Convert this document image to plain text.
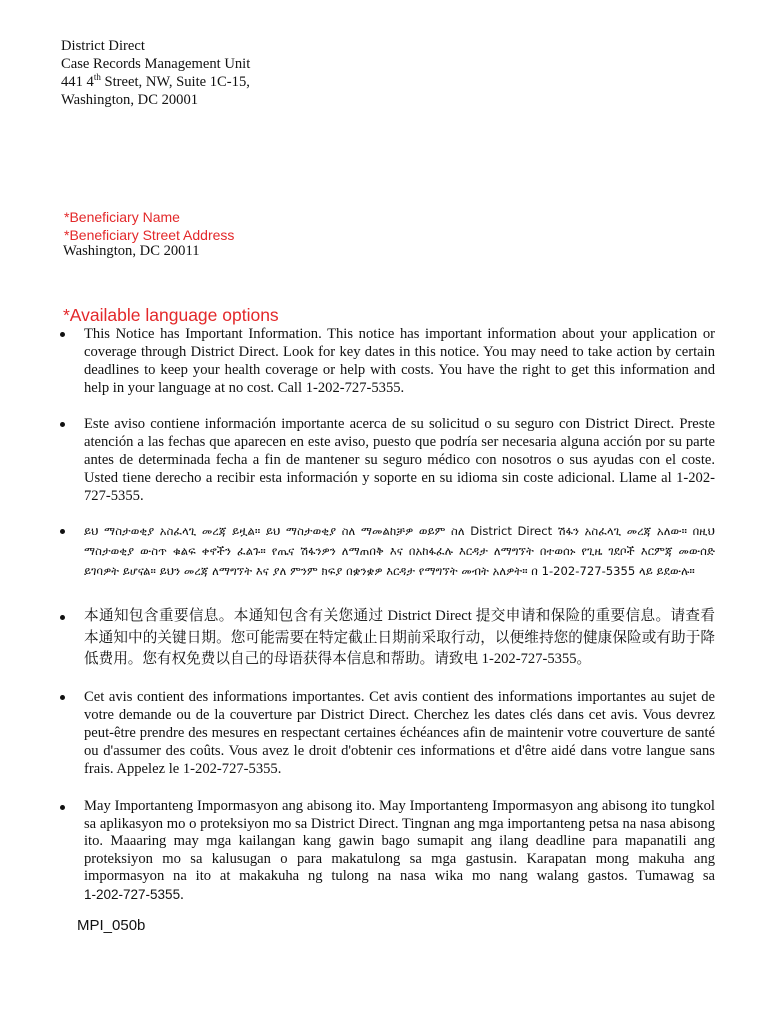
District Direct
Case Records Management Unit
441 4th Street, NW, Suite 1C-15,
Washington, DC 20001
*Beneficiary Name
*Beneficiary Street Address
Washington, DC 20011
*Available language options
This Notice has Important Information. This notice has important information about your application or coverage through District Direct. Look for key dates in this notice. You may need to take action by certain deadlines to keep your health coverage or help with costs. You have the right to get this information and help in your language at no cost. Call 1-202-727-5355.
Este aviso contiene información importante acerca de su solicitud o su seguro con District Direct. Preste atención a las fechas que aparecen en este aviso, puesto que podría ser necesaria alguna acción por su parte antes de determinada fecha a fin de mantener su seguro médico con nosotros o sus ayudas con el coste. Usted tiene derecho a recibir esta información y soporte en su idioma sin coste adicional. Llame al 1-202-727-5355.
ይህ ማስታወቂያ አስፈላጊ መረጃ ይዟል። ይህ ማስታወቂያ ስለ ማመልከቻዎ ወይም ስለ District Direct ሽፋን አስፈላጊ መረጃ አለው። በዚህ ማስታወቂያ ውስጥ ቁልፍ ቀኖችን ፈልጉ። የጤና ሽፋንዎን ለማጠበቅ እና በአከፋፈሉ እርዳታ ለማግኘት በተወሰኑ የጊዜ ገደቦች እርምጃ መውሰድ ይገባዎት ይሆናል። ይህን መረጃ ለማግኘት እና ያለ ምንም ክፍያ በቋንቋዎ እርዳታ የማግኘት መብት አለዎት። በ 1-202-727-5355 ላይ ይደውሉ።
本通知包含重要信息。本通知包含有关您通过 District Direct 提交申请和保险的重要信息。请查看本通知中的关键日期。您可能需要在特定截止日期前采取行动，以便维持您的健康保险或有助于降低费用。您有权免费以自己的母语获得本信息和帮助。请致电 1-202-727-5355。
Cet avis contient des informations importantes. Cet avis contient des informations importantes au sujet de votre demande ou de la couverture par District Direct. Cherchez les dates clés dans cet avis. Vous devrez peut-être prendre des mesures en respectant certaines échéances afin de maintenir votre couverture de santé ou d'assumer des coûts. Vous avez le droit d'obtenir ces informations et d'être aidé dans votre langue sans frais. Appelez le 1-202-727-5355.
May Importanteng Impormasyon ang abisong ito. May Importanteng Impormasyon ang abisong ito tungkol sa aplikasyon mo o proteksiyon mo sa District Direct. Tingnan ang mga importanteng petsa na nasa abisong ito. Maaaring may mga kailangan kang gawin bago sumapit ang ilang deadline para mapanatili ang proteksiyon mo sa kalusugan o para makatulong sa mga gastusin. Karapatan mong makuha ang impormasyon na ito at makakuha ng tulong na nasa wika mo nang walang gastos. Tumawag sa 1-202-727-5355.
MPI_050b
